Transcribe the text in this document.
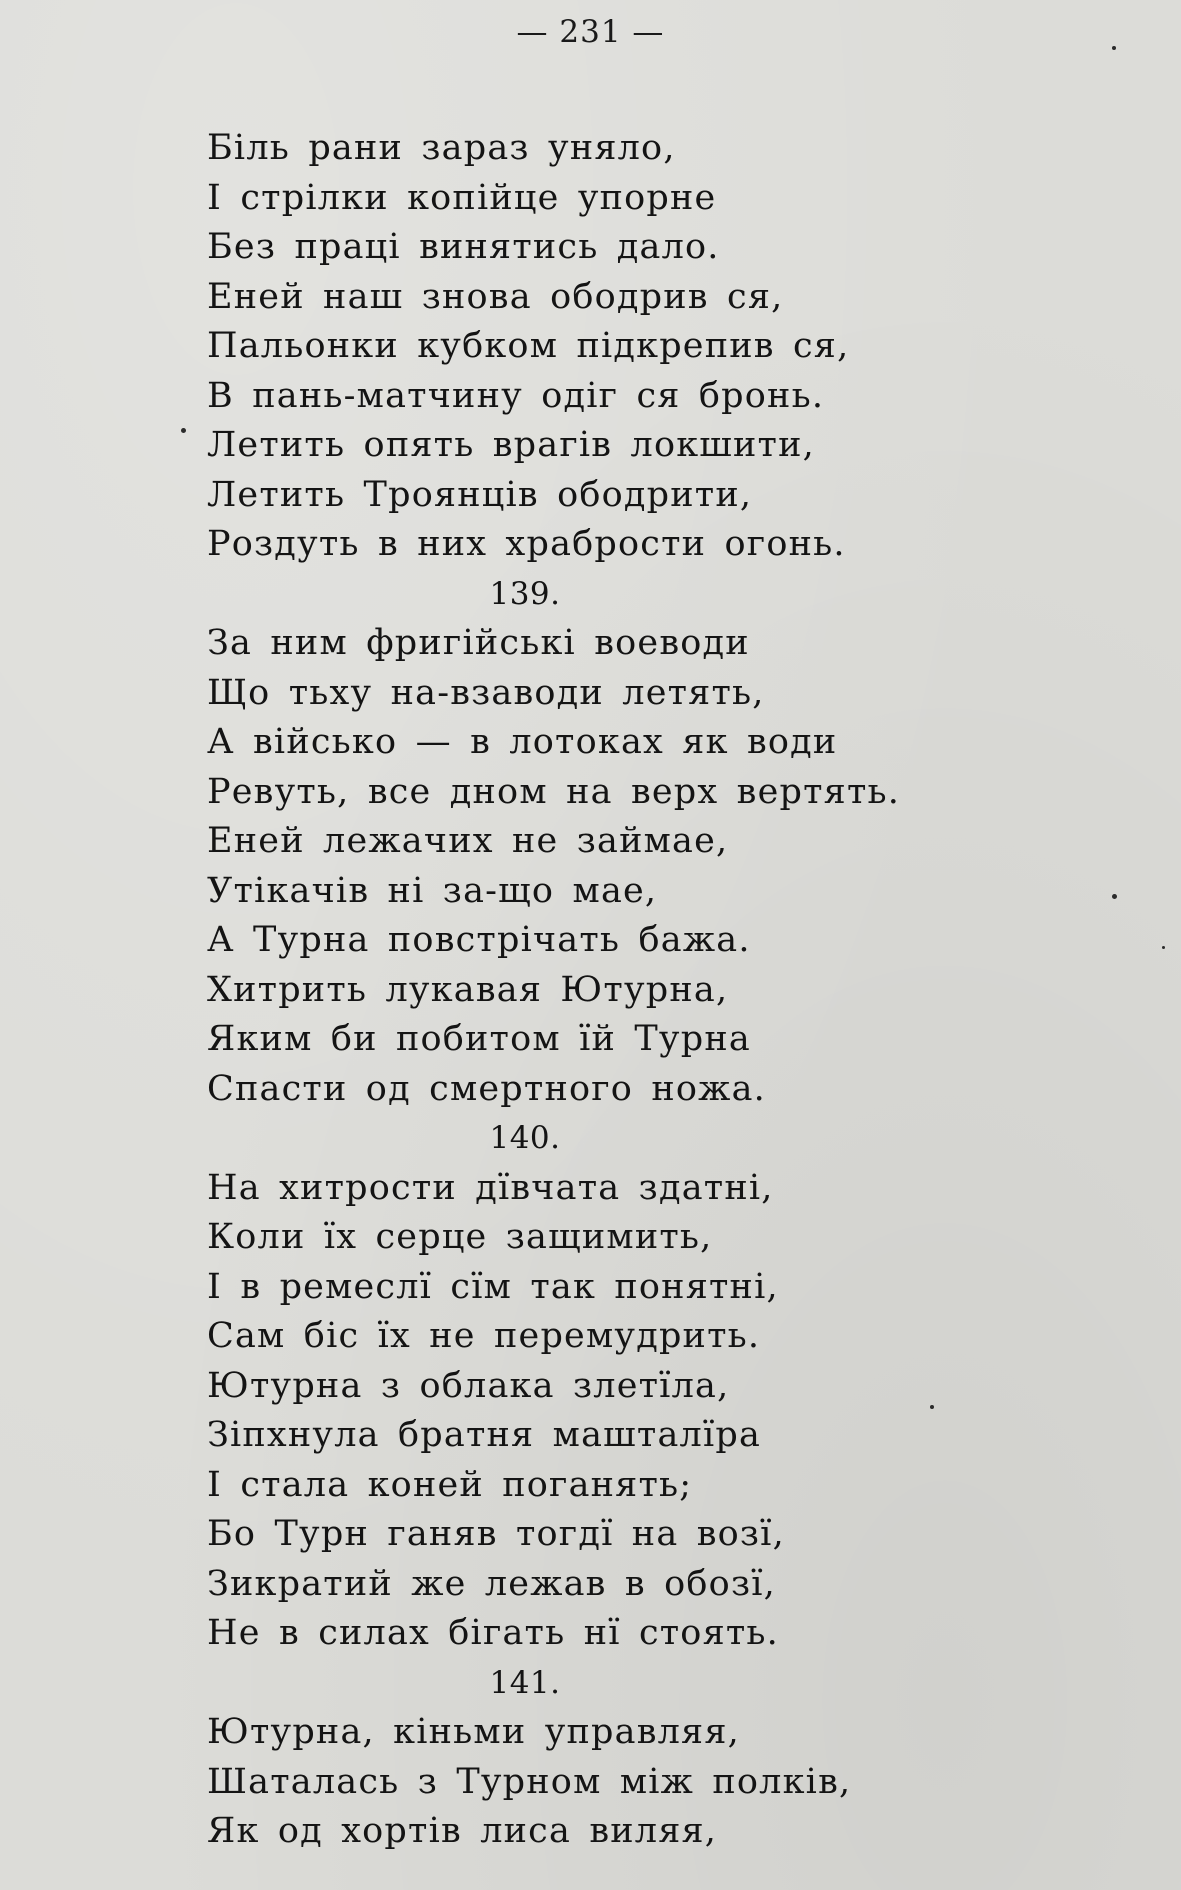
— 231 —
Біль рани зараз уняло,
І стрілки копійце упорне
Без праці винятись дало.
Еней наш знова ободрив ся,
Пальонки кубком підкрепив ся,
В пань-матчину одіг ся бронь.
Летить опять врагів локшити,
Летить Троянців ободрити,
Роздуть в них храбрости огонь.
139.
За ним фригійські воеводи
Що тьху на-взаводи летять,
А військо — в лотоках як води
Ревуть, все дном на верх вертять.
Еней лежачих не займае,
Утікачів ні за-що мае,
А Турна повстрічать бажа.
Хитрить лукавая Ютурна,
Яким би побитом їй Турна
Спасти од смертного ножа.
140.
На хитрости дївчата здатні,
Коли їх серце защимить,
І в ремеслї сїм так понятні,
Сам біс їх не перемудрить.
Ютурна з облака злетїла,
Зіпхнула братня машталїра
І стала коней поганять;
Бо Турн ганяв тогдї на возї,
Зикратий же лежав в обозї,
Не в силах бігать нї стоять.
141.
Ютурна, кіньми управляя,
Шаталась з Турном між полків,
Як од хортів лиса виляя,
